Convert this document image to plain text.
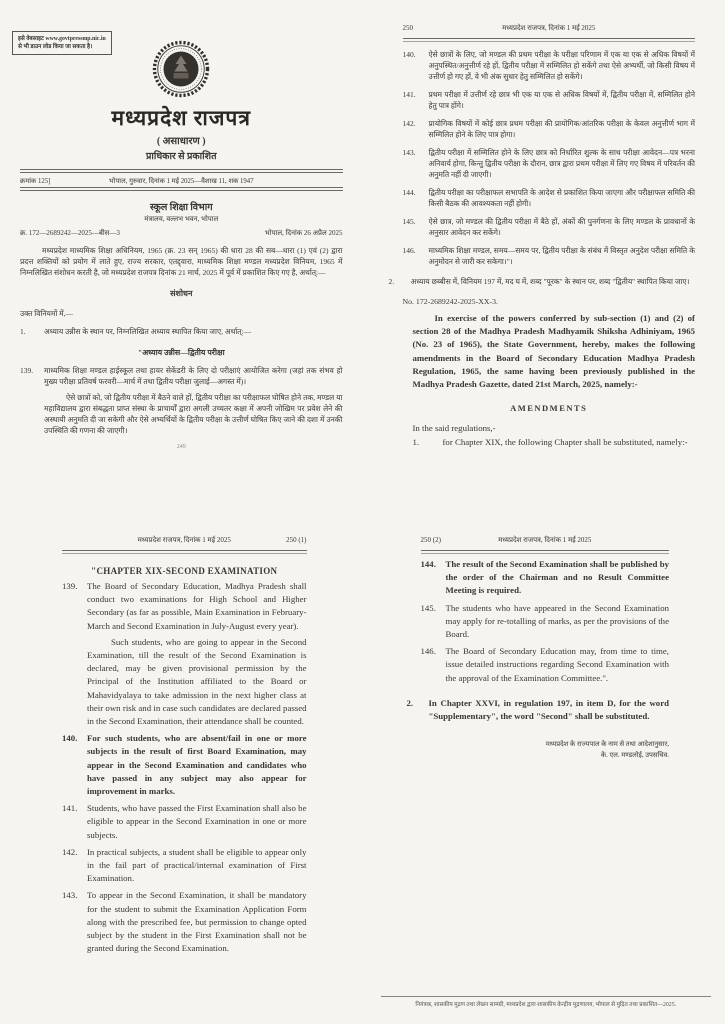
इसे वेबसाइट www.govtpressmp.nic.in
से भी डाउन लोड किया जा सकता है।
मध्यप्रदेश राजपत्र
( असाधारण )
प्राधिकार से प्रकाशित
क्रमांक 125]	भोपाल, गुरुवार, दिनांक 1 मई 2025—वैशाख 11, शक 1947
स्कूल शिक्षा विभाग
मंत्रालय, वल्लभ भवन, भोपाल
क्र. 172—2689242—2025—बीस—3	भोपाल, दिनांक 26 अप्रैल 2025

मध्यप्रदेश माध्यमिक शिक्षा अधिनियम, 1965 (क्र. 23 सन् 1965) की धारा 28 की सब—धारा (1) एवं (2) द्वारा प्रदत्त शक्तियों को प्रयोग में लाते हुए, राज्य सरकार, एतद्द्वारा, माध्यमिक शिक्षा मण्डल मध्यप्रदेश विनियम, 1965 में निम्नलिखित संशोधन करती है, जो मध्यप्रदेश राजपत्र दिनांक 21 मार्च, 2025 में पूर्व में प्रकाशित किए गए है, अर्थात्:—

संशोधन

उक्त विनियमों में,—

1.	अध्याय उन्नीस के स्थान पर, निम्नलिखित अध्याय स्थापित किया जाए, अर्थात्:—
"अध्याय उन्नीस—द्वितीय परीक्षा
139.	माध्यमिक शिक्षा मण्डल हाईस्कूल तथा हायर सेकेंडरी के लिए दो परीक्षाएं आयोजित करेगा (जहां तक संभव हो मुख्य परीक्षा प्रतिवर्ष फरवरी—मार्च में तथा द्वितीय परीक्षा जुलाई—अगस्त में)।

ऐसे छात्रों को, जो द्वितीय परीक्षा में बैठने वाले हों, द्वितीय परीक्षा का परीक्षाफल घोषित होने तक, मण्डल या महाविद्यालय द्वारा संबद्धता प्राप्त संस्था के प्राचार्यों द्वारा अगली उच्चतर कक्षा में अपनी जोखिम पर प्रवेश लेने की अस्थायी अनुमति दी जा सकेगी और ऐसे अभ्यर्थियों के द्वितीय परीक्षा के उत्तीर्ण घोषित किए जाने की दशा में उनकी उपस्थिति की गणना की जाएगी।

249
250	मध्यप्रदेश राजपत्र, दिनांक 1 मई 2025
140.	ऐसे छात्रों के लिए, जो मण्डल की प्रथम परीक्षा के परीक्षा परिणाम में एक या एक से अधिक विषयों में अनुपस्थित/अनुत्तीर्ण रहे हों, द्वितीय परीक्षा में सम्मिलित हो सकेंगे तथा ऐसे अभ्यर्थी, जो किसी विषय में उत्तीर्ण हो गए हों, वे भी अंक सुधार हेतु सम्मिलित हो सकेंगे।
141.	प्रथम परीक्षा में उत्तीर्ण रहे छात्र भी एक या एक से अधिक विषयों में, द्वितीय परीक्षा में, सम्मिलित होने हेतु पात्र होंगे।
142.	प्रायोगिक विषयों में कोई छात्र प्रथम परीक्षा की प्रायोगिक/आंतरिक परीक्षा के केवल अनुत्तीर्ण भाग में सम्मिलित होने के लिए पात्र होगा।
143.	द्वितीय परीक्षा में सम्मिलित होने के लिए छात्र को निर्धारित शुल्क के साथ परीक्षा आवेदन—पत्र भरना अनिवार्य होगा, किन्तु द्वितीय परीक्षा के दौरान, छात्र द्वारा प्रथम परीक्षा में लिए गए विषय में परिवर्तन की अनुमति नहीं दी जाएगी।
144.	द्वितीय परीक्षा का परीक्षाफल सभापति के आदेश से प्रकाशित किया जाएगा और परीक्षाफल समिति की किसी बैठक की आवश्यकता नहीं होगी।
145.	ऐसे छात्र, जो मण्डल की द्वितीय परीक्षा में बैठे हों, अंकों की पुनर्गणना के लिए मण्डल के प्रावधानों के अनुसार आवेदन कर सकेंगे।
146.	माध्यमिक शिक्षा मण्डल, समय—समय पर, द्वितीय परीक्षा के संबंध में विस्तृत अनुदेश परीक्षा समिति के अनुमोदन से जारी कर सकेगा।"।
2.	अध्याय छब्बीस में, विनियम 197 में, मद घ में, शब्द "पूरक" के स्थान पर, शब्द "द्वितीय" स्थापित किया जाए।
No. 172-2689242-2025-XX-3.

In exercise of the powers conferred by sub-section (1) and (2) of section 28 of the Madhya Pradesh Madhyamik Shiksha Adhiniyam, 1965 (No. 23 of 1965), the State Government, hereby, makes the following amendments in the Board of Secondary Education Madhya Pradesh Regulation, 1965, the same having been previously published in the Madhya Pradesh Gazette, dated 21st March, 2025, namely:-

AMENDMENTS
In the said regulations,-
1.	for Chapter XIX, the following Chapter shall be substituted, namely:-
मध्यप्रदेश राजपत्र, दिनांक 1 मई 2025	250 (1)
"CHAPTER XIX-SECOND EXAMINATION
139.	The Board of Secondary Education, Madhya Pradesh shall conduct two examinations for High School and Higher Secondary (as far as possible, Main Examination in February-March and Second Examination in July-August every year).

Such students, who are going to appear in the Second Examination, till the result of the Second Examination is declared, may be given provisional permission by the Principal of the Institution affiliated to the Board or Mahavidyalaya to take admission in the next higher class at their own risk and in case such candidates are declared passed in the Second Examination, their attendance shall be counted.

140.	For such students, who are absent/fail in one or more subjects in the result of first Board Examination, may appear in the Second Examination and candidates who have passed in any subject may also appear for improvement in marks.
141.	Students, who have passed the First Examination shall also be eligible to appear in the Second Examination in one or more subjects.
142.	In practical subjects, a student shall be eligible to appear only in the fail part of practical/internal examination of First Examination.
143.	To appear in the Second Examination, it shall be mandatory for the student to submit the Examination Application Form along with the prescribed fee, but permission to change opted subject by the student in the First Examination shall not be granted during the Second Examination.
250 (2)	मध्यप्रदेश राजपत्र, दिनांक 1 मई 2025
144.	The result of the Second Examination shall be published by the order of the Chairman and no Result Committee Meeting is required.
145.	The students who have appeared in the Second Examination may apply for re-totalling of marks, as per the provisions of the Board.
146.	The Board of Secondary Education may, from time to time, issue detailed instructions regarding Second Examination with the approval of the Examination Committee.".
2.	In Chapter XXVI, in regulation 197, in item D, for the word "Supplementary", the word "Second" shall be substituted.
मध्यप्रदेश के राज्यपाल के नाम से तथा आदेशानुसार,
के. एल. मण्डलोई, उपसचिव.
नियंत्रक, शासकीय मुद्रण तथा लेखन सामग्री, मध्यप्रदेश द्वारा शासकीय केन्द्रीय मुद्रणालय, भोपाल से मुद्रित तथा प्रकाशित—2025.
